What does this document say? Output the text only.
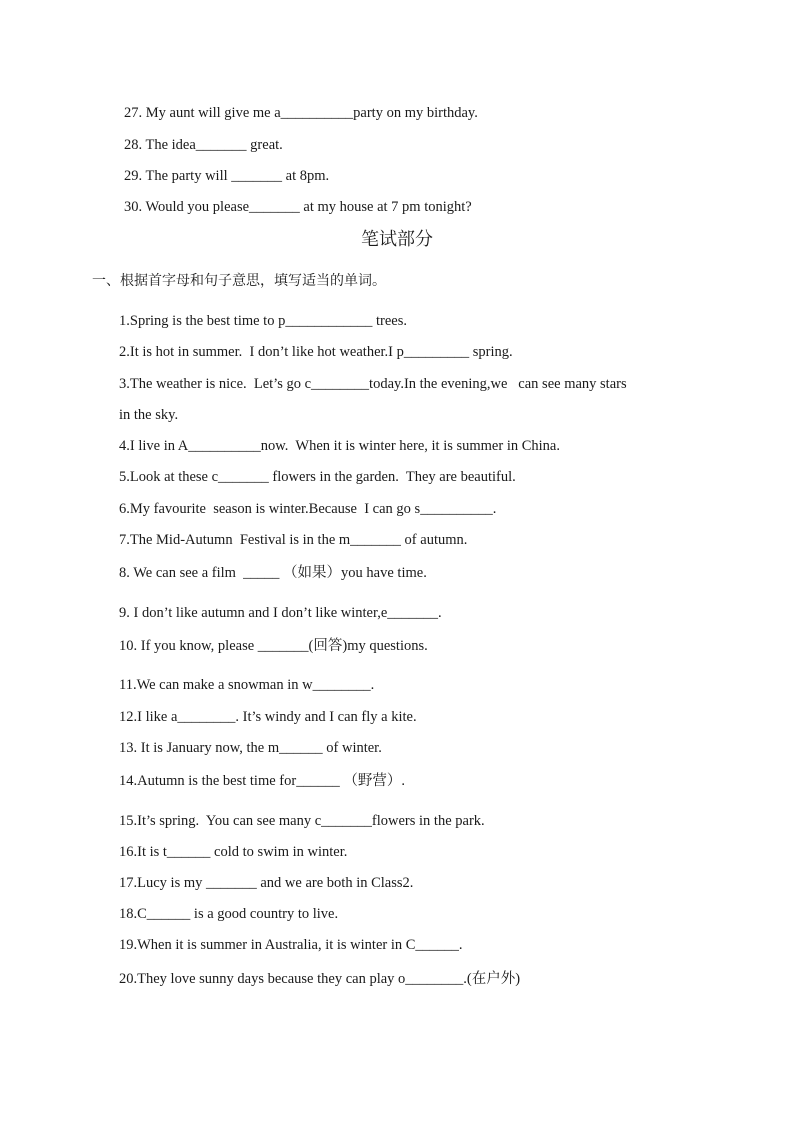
27. My aunt will give me a__________party on my birthday.
28. The idea_______ great.
29. The party will _______ at 8pm.
30. Would you please_______ at my house at 7 pm tonight?
笔试部分
一、根据首字母和句子意思，填写适当的单词。
1.Spring is the best time to p____________ trees.
2.It is hot in summer.  I don’t like hot weather.I p_________ spring.
3.The weather is nice.  Let’s go c________today.In the evening,we   can see many stars
in the sky.
4.I live in A__________now.  When it is winter here, it is summer in China.
5.Look at these c_______ flowers in the garden.  They are beautiful.
6.My favourite  season is winter.Because  I can go s__________.
7.The Mid-Autumn  Festival is in the m_______ of autumn.
8. We can see a film  _____ （如果）you have time.
9. I don’t like autumn and I don’t like winter,e_______.
10. If you know, please _______(回答)my questions.
11.We can make a snowman in w________.
12.I like a________. It’s windy and I can fly a kite.
13. It is January now, the m______ of winter.
14.Autumn is the best time for______ （野营）.
15.It’s spring.  You can see many c_______flowers in the park.
16.It is t______ cold to swim in winter.
17.Lucy is my _______ and we are both in Class2.
18.C______ is a good country to live.
19.When it is summer in Australia, it is winter in C______.
20.They love sunny days because they can play o________.(在户外)
